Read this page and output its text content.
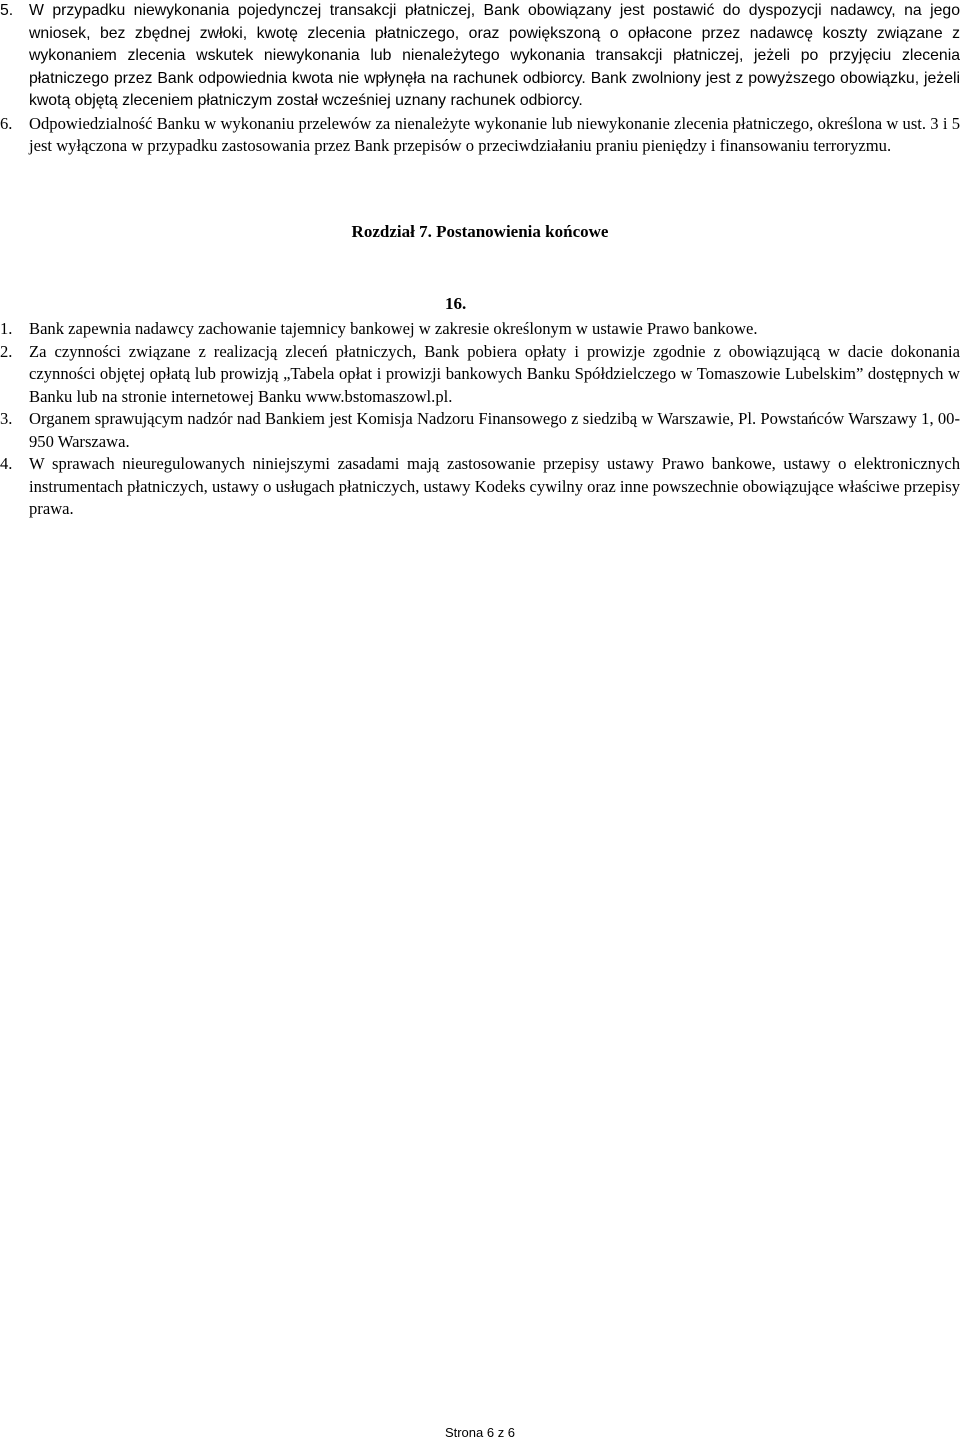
5. W przypadku niewykonania pojedynczej transakcji płatniczej, Bank obowiązany jest postawić do dyspozycji nadawcy, na jego wniosek, bez zbędnej zwłoki, kwotę zlecenia płatniczego, oraz powiększoną o opłacone przez nadawcę koszty związane z wykonaniem zlecenia wskutek niewykonania lub nienależytego wykonania transakcji płatniczej, jeżeli po przyjęciu zlecenia płatniczego przez Bank odpowiednia kwota nie wpłynęła na rachunek odbiorcy. Bank zwolniony jest z powyższego obowiązku, jeżeli kwotą objętą zleceniem płatniczym został wcześniej uznany rachunek odbiorcy.
6. Odpowiedzialność Banku w wykonaniu przelewów za nienależyte wykonanie lub niewykonanie zlecenia płatniczego, określona w ust. 3 i 5 jest wyłączona w przypadku zastosowania przez Bank przepisów o przeciwdziałaniu praniu pieniędzy i finansowaniu terroryzmu.
Rozdział 7. Postanowienia końcowe
16.
1. Bank zapewnia nadawcy zachowanie tajemnicy bankowej w zakresie określonym w ustawie Prawo bankowe.
2. Za czynności związane z realizacją zleceń płatniczych, Bank pobiera opłaty i prowizje zgodnie z obowiązującą w dacie dokonania czynności objętej opłatą lub prowizją „Tabela opłat i prowizji bankowych Banku Spółdzielczego w Tomaszowie Lubelskim” dostępnych w Banku lub na stronie internetowej Banku www.bstomaszowl.pl.
3. Organem sprawującym nadzór nad Bankiem jest Komisja Nadzoru Finansowego z siedzibą w Warszawie, Pl. Powstańców Warszawy 1, 00-950 Warszawa.
4. W sprawach nieuregulowanych niniejszymi zasadami mają zastosowanie przepisy ustawy Prawo bankowe, ustawy o elektronicznych instrumentach płatniczych, ustawy o usługach płatniczych, ustawy Kodeks cywilny oraz inne powszechnie obowiązujące właściwe przepisy prawa.
Strona 6 z 6
